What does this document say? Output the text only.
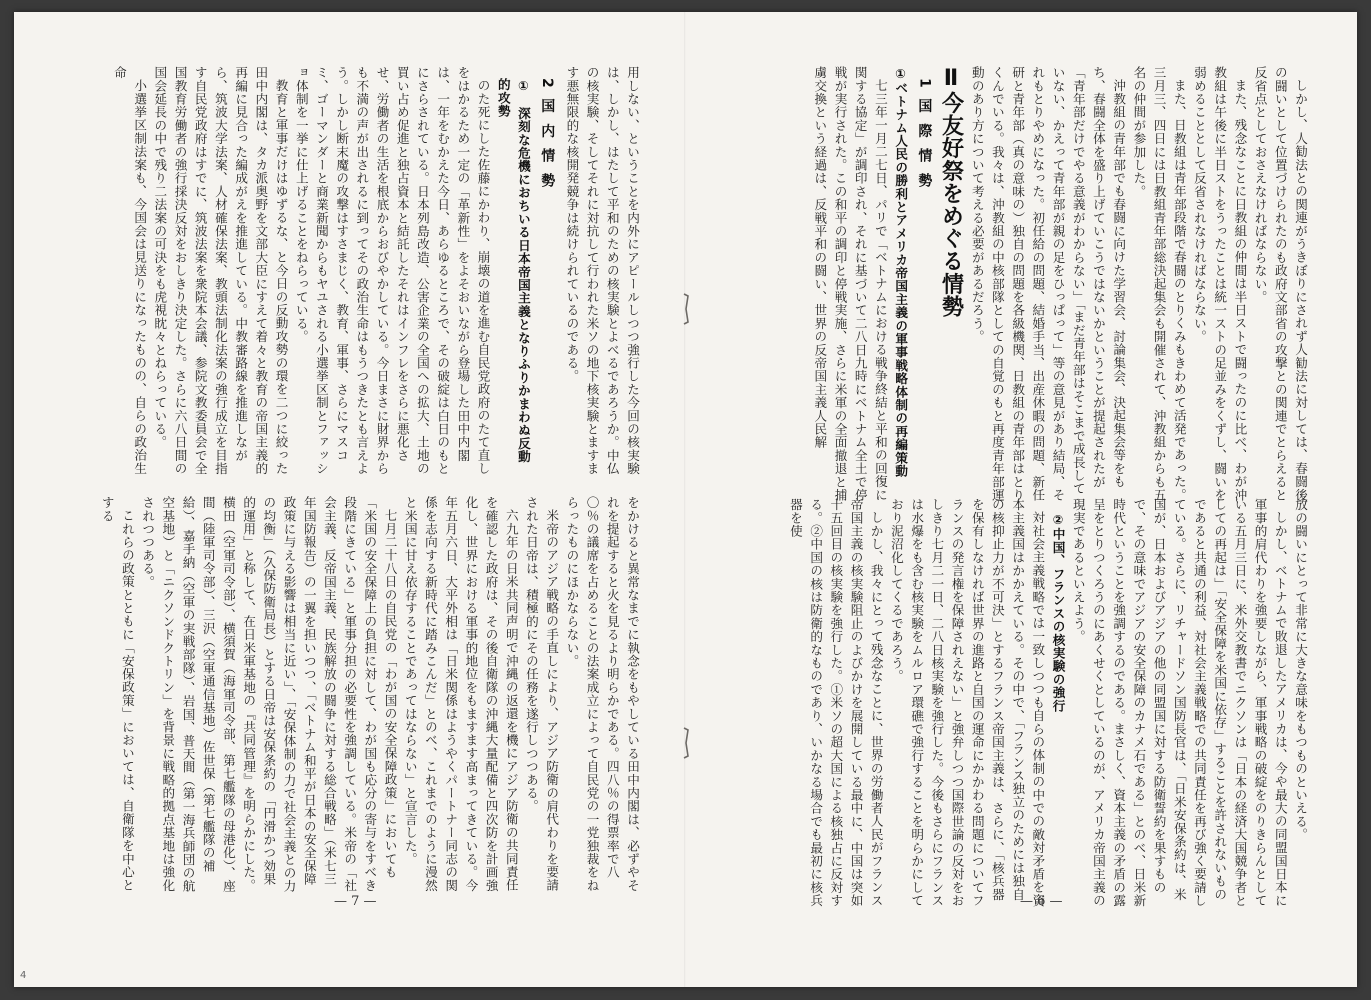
しかし、人勧法との関連がうきぼりにされず人勧法に対しては、春闘後の闘いとして位置づけられたのも政府文部省の攻撃との関連でとらえると反省点としておさえなければならない。

また、残念なことに日教組の仲間は半日ストで闘ったのに比べ、わが沖教組は午後に半日ストをうったことは統一ストの足並みをくずし、闘いを弱めることとして反省されなければならない。

また、日教組は青年部段階で春闘のとりくみもきわめて活発であった。三月三、四日には日教組青年部総決起集会も開催されて、沖教組からも五名の仲間が参加した。

沖教組の青年部でも春闘に向けた学習会、討論集会、決起集会等をもち、春闘全体を盛り上げていこうではないかということが提起されたが「青年部だけでやる意義がわからない」「まだ青年部はそこまで成長していない、かえって青年部が親の足をひっぱって」等の意見があり結局、それもとりやめになった。初任給の問題、結婚手当、出産休暇の問題、新任研と青年部（真の意味の）独自の問題を各級機関、日教組の青年部はとりくんでいる。我々は、沖教組の中核部隊としての自覚のもと再度青年部運動のあり方について考える必要があるだろう。

Ⅱ今友好祭をめぐる情勢
1 国 際 情 勢
①ベトナム人民の勝利とアメリカ帝国主義の軍事戦略体制の再編策動

七三年一月二七日、パリで「ベトナムにおける戦争終結と平和の回復に関する協定」が調印され、それに基づいて二八日九時にベトナム全土で停戦が実行された。この和平の調印と停戦実施、さらに米軍の全面撤退と捕虜交換という経過は、反戦平和の闘い、世界の反帝国主義人民解

放の闘いにとって非常に大きな意味をもつものといえる。

しかし、ベトナムで敗退したアメリカは、今や最大の同盟国日本に軍事的肩代わりを強要しながら、軍事戦略の破綻をのりきらんとしている五月三日に、米外交教書でニクソンは「日本の経済大国競争者としての再起は」「安全保障を米国に依存」することを許されないものであると共通の利益、対社会主義戦略での共同責任を再び強く要請している。さらに、リチャードソン国防長官は、「日米安保条約は、米国が、日本およびアジアの他の同盟国に対する防衛誓約を果すもので、その意味でアジアの安全保障のカナメ石である」とのべ、日米新時代ということを強調するのである。まさしく、資本主義の矛盾の露呈をとりつくろうのにあくせくとしているのが、アメリカ帝国主義の現実であるといえよう。

②中国、フランスの核実験の強行

対社会主義戦略では一致しつつも自らの体制の中での敵対矛盾を資本主義国はかかえている。その中で、「フランス独立のためには独自の核抑止力が不可決」とするフランス帝国主義は、さらに、「核兵器を保有しなければ世界の進路と自国の運命にかかわる問題についてフランスの発言権を保障されえない」と強弁しつつ国際世論の反対をおしきり七月二一日、二八日核実験を強行した。今後もさらにフランスは水爆をも含む核実験をムルロア環礁で強行することを明らかにしており泥沼化してくるであろう。

しかし、我々にとって残念なことに、世界の労働者人民がフランス帝国主義の核実験阻止のよびかけを展開している最中に、中国は突如十五回目の核実験を強行した。①米ソの超大国による核独占に反対する。②中国の核は防衛的なものであり、いかなる場合でも最初に核兵器を使

— 6 —

用しない、ということを内外にアピールしつつ強行した今回の核実験は、しかし、はたして平和のための核実験とよべるであろうか。中仏の核実験、そしてそれに対抗して行われた米ソの地下核実験とますます悪無限的な核開発競争は続けられているのである。

2 国 内 情 勢
①　深刻な危機におちいる日本帝国主義となりふりかまわぬ反動的攻勢

のた死にした佐藤にかわり、崩壊の道を進む自民党政府のたて直しをはかるため一定の「革新性」をよそおいながら登場した田中内閣は、一年をむかえた今日、あらゆるところで、その破綻は白日のもとにさらされている。日本列島改造、公害企業の全国への拡大、土地の買い占め促進と独占資本と結託したそれはインフレをさらに悪化させ、労働者の生活を根底からおびやかしている。今日まさに財界からも不満の声が出されるに到ってその政治生命はもうつきたとも言えよう。しかし断末魔の攻撃はすさまじく、教育、軍事、さらにマスコミ、ゴーマンダーと商業新聞からもヤユされる小選挙区制とファッショ体制を一挙に仕上げることをねらっている。

教育と軍事だけはゆずるな、と今日の反動攻勢の環を二つに絞った田中内閣は、タカ派奥野を文部大臣にすえて着々と教育の帝国主義的再編に見合った編成がえを推進している。中教審路線を推進しながら、筑波大学法案、人材確保法案、教頭法制化法案の強行成立を目指す自民党政府はすでに、筑波法案を衆院本会議、参院文教委員会で全国教育労働者の強行採決反対をおしきり決定した。さらに六八日間の国会延長の中で残り二法案の可決をも虎視眈々とねらっている。

小選挙区制法案も、今国会は見送りになったものの、自らの政治生命

をかけると異常なまでに執念をもやしている田中内閣は、必ずやそれを提起すると火を見るより明らかである。四八％の得票率で八〇％の議席を占めることの法案成立によって自民党の一党独裁をねらったものにほかならない。

米帝のアジア戦略の手直しにより、アジア防衛の肩代わりを要請された日帝は、積極的にその任務を遂行しつつある。

六九年の日米共同声明で沖縄の返還を機にアジア防衛の共同責任を確認した政府は、その後自衛隊の沖縄大量配備と四次防を計画強化し、世界における軍事的地位をもますます高まってきている。今年五月六日、大平外相は「日米関係はようやくパートナー同志の関係を志向する新時代に踏みこんだ」とのべ、これまでのように漫然と米国に甘え依存することであってはならない」と宣言した。

七月二十八日の自民党の「わが国の安全保障政策」においても「米国の安全保障上の負担に対して、わが国も応分の寄与をすべき段階にきている」と軍事分担の必要性を強調している。米帝の「社会主義、反帝国主義、民族解放の闘争に対する総合戦略」（米七三年国防報告）の一翼を担いつつ、「ベトナム和平が日本の安全保障政策に与える影響は相当に近い」、「安保体制の力で社会主義との力の均衡」（久保防衛局長）とする日帝は安保条約の「円滑かつ効果的運用」と称して、在日米軍基地の『共同管理』を明らかにした。横田（空軍司令部）、横須賀（海軍司令部、第七艦隊の母港化）、座間（陸軍司令部）、三沢（空軍通信基地）佐世保（第七艦隊の補給）、嘉手納（空軍の実戦部隊）、岩国、普天間（第一海兵師団の航空基地）と「ニクソンドクトリン」を背景に戦略的拠点基地は強化されつつある。

これらの政策とともに「安保政策」においては、自衛隊を中心とする

— 7 —
4
